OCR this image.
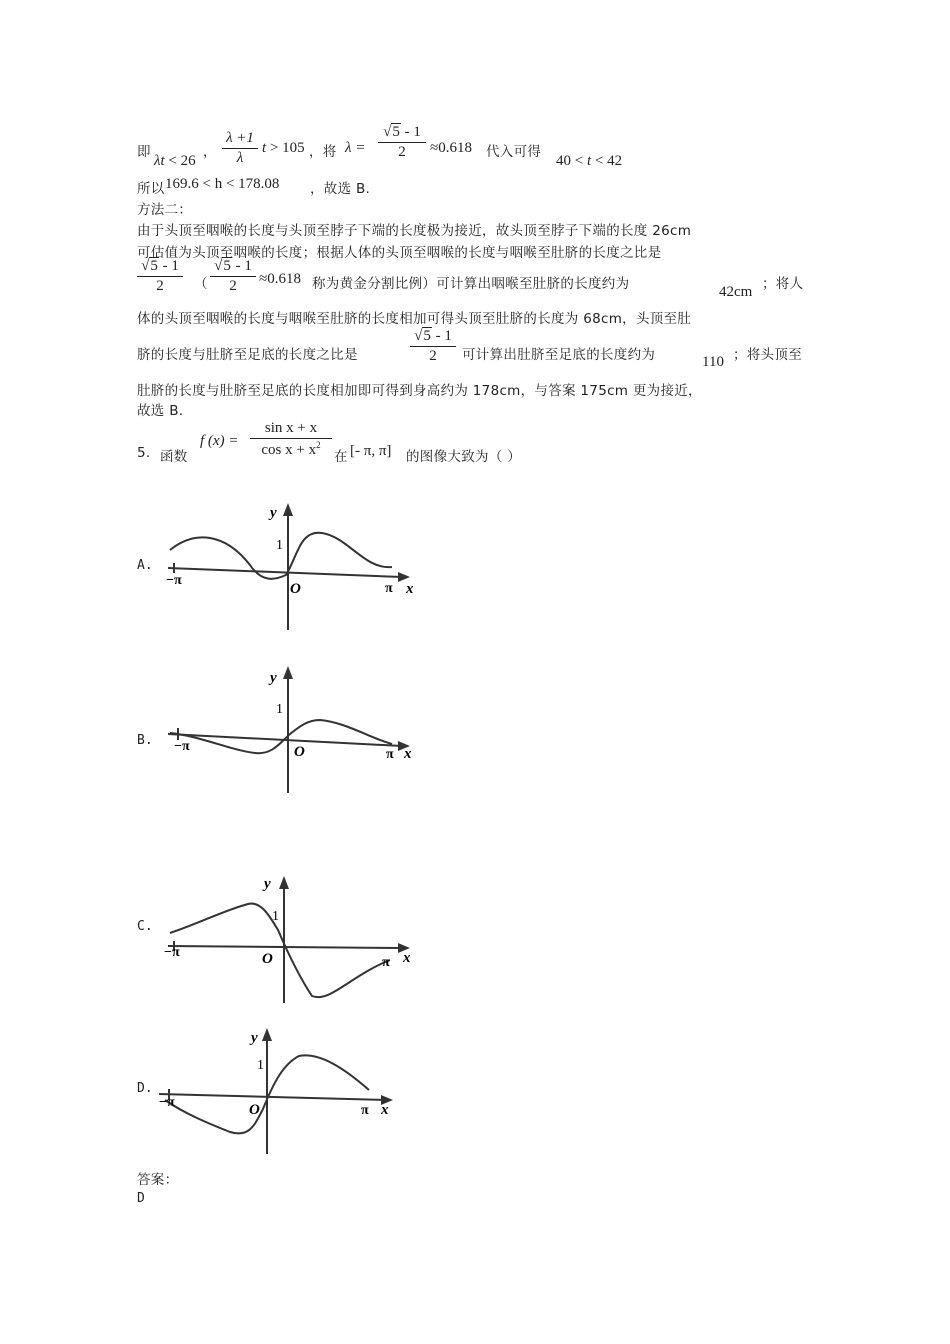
即
λt < 26
，
λ +1
λ
t > 105 ，将 λ =
√5 - 1
2	≈0.618 代入可得
40 < t < 42
所以 169.6 < h < 178.08 ，故选 B.
方法二：
由于头顶至咽喉的长度与头顶至脖子下端的长度极为接近，故头顶至脖子下端的长度 26cm
可估值为头顶至咽喉的长度；根据人体的头顶至咽喉的长度与咽喉至肚脐的长度之比是
√5 - 1
2	（
√5 - 1
2	≈0.618 称为黄金分割比例）可计算出咽喉至肚脐的长度约为	42cm ；将人
体的头顶至咽喉的长度与咽喉至肚脐的长度相加可得头顶至肚脐的长度为 68cm，头顶至肚
脐的长度与肚脐至足底的长度之比是
√5 - 1
2	可计算出肚脐至足底的长度约为	110 ；将头顶至
肚脐的长度与肚脐至足底的长度相加即可得到身高约为 178cm，与答案 175cm 更为接近，
故选 B.
5. 函数
f (x) =
sin x + x
$\cos x + x^2$
在 [- π, π] 的图像大致为（ ）
A.
B.
C.
D.
y
x
O
1
−π
π
y
x
O
1
−π
π
y
x
O
1
−π
π
y
x
O
1
−π
π
答案：
D
